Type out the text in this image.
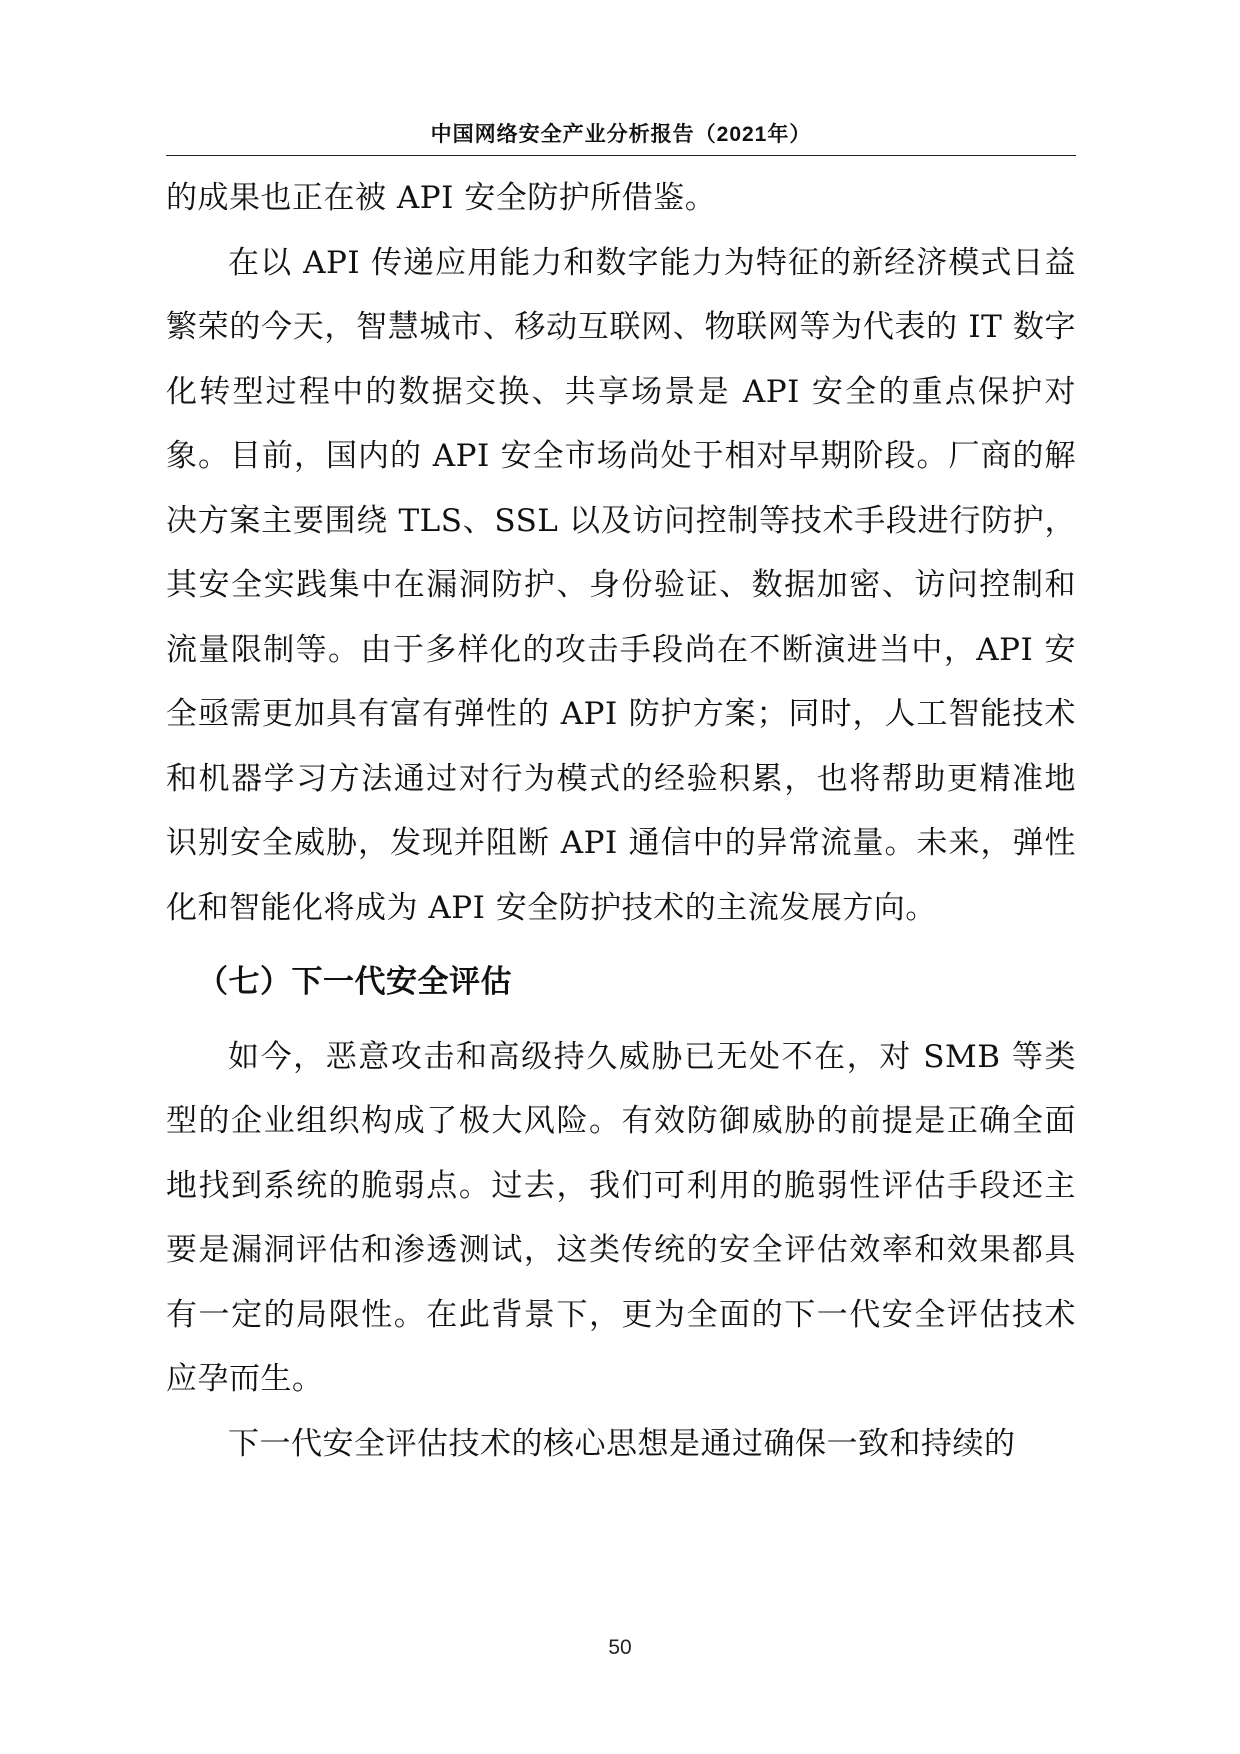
中国网络安全产业分析报告（2021年）

的成果也正在被 API 安全防护所借鉴。

在以 API 传递应用能力和数字能力为特征的新经济模式日益繁荣的今天，智慧城市、移动互联网、物联网等为代表的 IT 数字化转型过程中的数据交换、共享场景是 API 安全的重点保护对象。目前，国内的 API 安全市场尚处于相对早期阶段。厂商的解决方案主要围绕 TLS、SSL 以及访问控制等技术手段进行防护，其安全实践集中在漏洞防护、身份验证、数据加密、访问控制和流量限制等。由于多样化的攻击手段尚在不断演进当中，API 安全亟需更加具有富有弹性的 API 防护方案；同时，人工智能技术和机器学习方法通过对行为模式的经验积累，也将帮助更精准地识别安全威胁，发现并阻断 API 通信中的异常流量。未来，弹性化和智能化将成为 API 安全防护技术的主流发展方向。

（七）下一代安全评估

如今，恶意攻击和高级持久威胁已无处不在，对 SMB 等类型的企业组织构成了极大风险。有效防御威胁的前提是正确全面地找到系统的脆弱点。过去，我们可利用的脆弱性评估手段还主要是漏洞评估和渗透测试，这类传统的安全评估效率和效果都具有一定的局限性。在此背景下，更为全面的下一代安全评估技术应孕而生。

下一代安全评估技术的核心思想是通过确保一致和持续的

50
